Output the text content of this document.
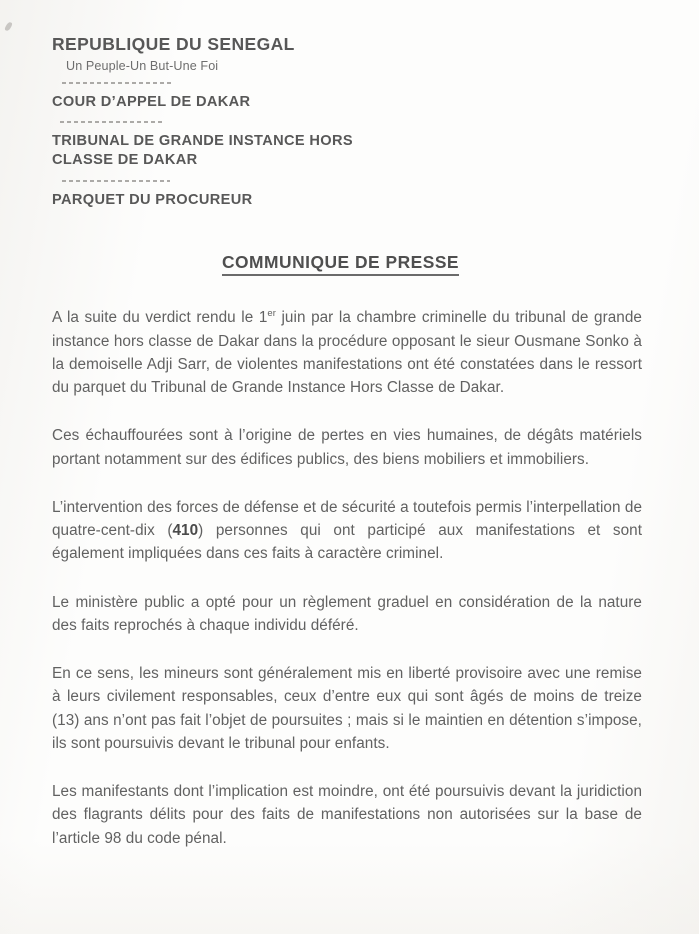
REPUBLIQUE DU SENEGAL
Un Peuple-Un But-Une Foi
COUR D’APPEL DE DAKAR
TRIBUNAL DE GRANDE INSTANCE HORS
CLASSE DE DAKAR
PARQUET DU PROCUREUR
COMMUNIQUE DE PRESSE

A la suite du verdict rendu le 1er juin par la chambre criminelle du tribunal de grande instance hors classe de Dakar dans la procédure opposant le sieur Ousmane Sonko à la demoiselle Adji Sarr, de violentes manifestations ont été constatées dans le ressort du parquet du Tribunal de Grande Instance Hors Classe de Dakar.

Ces échauffourées sont à l’origine de pertes en vies humaines, de dégâts matériels portant notamment sur des édifices publics, des biens mobiliers et immobiliers.

L’intervention des forces de défense et de sécurité a toutefois permis l’interpellation de quatre-cent-dix (410) personnes qui ont participé aux manifestations et sont également impliquées dans ces faits à caractère criminel.

Le ministère public a opté pour un règlement graduel en considération de la nature des faits reprochés à chaque individu déféré.

En ce sens, les mineurs sont généralement mis en liberté provisoire avec une remise à leurs civilement responsables, ceux d’entre eux qui sont âgés de moins de treize (13) ans n’ont pas fait l’objet de poursuites ; mais si le maintien en détention s’impose, ils sont poursuivis devant le tribunal pour enfants.

Les manifestants dont l’implication est moindre, ont été poursuivis devant la juridiction des flagrants délits pour des faits de manifestations non autorisées sur la base de l’article 98 du code pénal.
